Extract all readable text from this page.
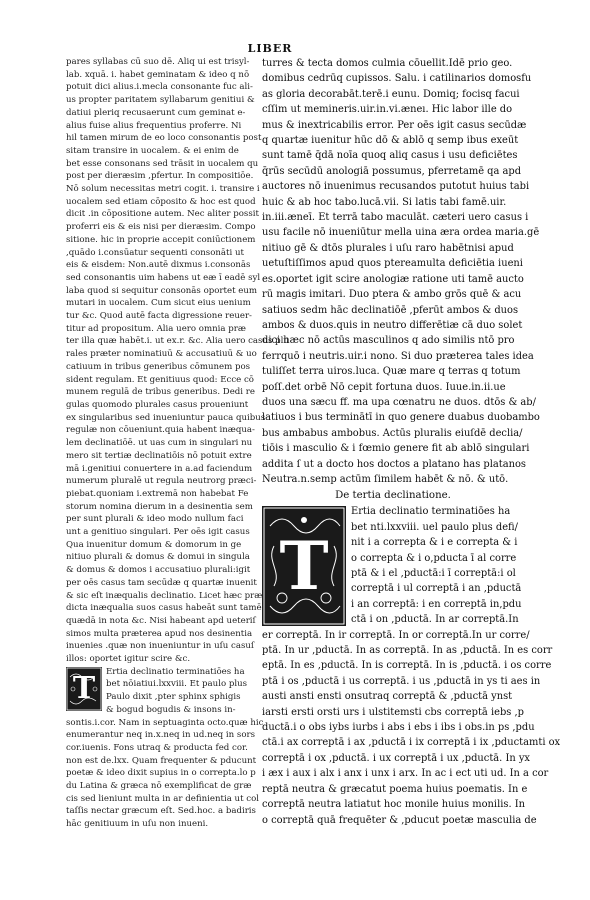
LIBER
pares syllabas cū suo dē. Aliq ui est trisyl-
lab. xquā. i. habet geminatam & ideo q nō
potuit dici alius.i.mecla consonante fuc ali-
us propter paritatem syllabarum genitiui &
datiui pleriq recusaerunt cum geminat e-
alius fuise alius frequentius proferre. Ni
hil tamen mirum de eo loco consonantis post
sitam transire in uocalem. & ei enim de
bet esse consonans sed trāsit in uocalem qu
post per dieræsim ,pfertur. In compositiōe.
Nō solum necessitas metri cogit. i. transire i
uocalem sed etiam cōposito & hoc est quod
dicit .in cōpositione autem. Nec aliter possit
proferri eis & eis nisi per dieræsim. Compo
sitione. hic in proprie accepit coniūctionem
,quādo i.consūatur sequenti consonāti ut
eis & eisdem: Non.autē dixmus i.consonās
sed consonantis uim habens ut eæ ī eadē syl
laba quod si sequitur consonās oportet eum
mutari in uocalem. Cum sicut eius uenium
tur &c. Quod autē facta digressione reuer-
titur ad propositum. Alia uero omnia præ
ter illa quæ habēt.i. ut ex.r. &c. Alia uero casus plu
rales præter nominatiuū & accusatiuū & uo
catiuum in tribus generibus cōmunem pos
sident regulam. Et genitiuus quod: Ecce cō
munem regulā de tribus generibus. Dedi re
gulas quomodo plurales casus proueniunt
ex singularibus sed inueniuntur pauca quibus
regulæ non cōueniunt.quia habent inæqua-
lem declinatiōē. ut uas cum in singulari nu
mero sit tertiæ declinatiōis nō potuit extre
mā i.genitiui conuertere in a.ad faciendum
numerum pluralē ut regula neutrorg præci-
piebat.quoniam i.extremā non habebat Fe
storum nomina dierum in a desinentia sem
per sunt plurali & ideo modo nullum faci
unt a genitiuo singulari. Per oēs igit casus
Qua inuenitur domum & domorum in ge
nitiuo plurali & domus & domui in singula
& domus & domos i accusatiuo plurali:igit
per oēs casus tam secūdæ q quartæ inuenit
& sic eſt inæqualis declinatio. Licet hæc præ
dicta inæqualia suos casus habeāt sunt tamē
quædā in nota &c. Nisi habeant apd ueteriſ
simos multa præterea apud nos desinentia
inuenies .quæ non inueniuntur in uſu casuſ
illos: oportet igitur scire &c.
T	Ertia declinatio terminatiōes ha
bet nōiatiui.lxxviii. Et paulo plus
Paulo dixit ,pter sphinx sphigis
& bogud bogudis & insons in-
sontis.i.cor. Nam in septuaginta octo.quæ hic
enumerantur neq in.x.neq in ud.neq in sors
cor.iuenis. Fons utraq & producta fed cor.
non est de.lxx. Quam frequenter & pducunt
poetæ & ideo dixit supius in o correpta.lo p
du Latina & græca nō exemplificat de græ
cis sed lieniunt multa in ar definientia ut col
taſſis nectar græcum eſt. Sed.hoc. a badiris
hāc genitiuum in uſu non inueni.
turres & tecta domos culmia cōuellit.Idē prio geo.
domibus cedrūq cupissos. Salu. i catilinarios domosfu
as gloria decorabāt.terē.i eunu. Domiq; focisq facui
cſſim ut memineris.uir.in.vi.æneı. Hic labor ille do
mus & inextricabilis error. Per oēs igit casus secūdæ
q quartæ iuenitur hūc dō & ablō q semp ibus exeūt
sunt tamē q̄dā noīa quoq aliq casus i usu deficiētes
q̄rūs secūdū anologiā possumus, pferretamē qa apd
auctores nō inuenimus recusandos putotut huius tabi
huic & ab hoc tabo.lucā.vii. Si latis tabi famē.uir.
in.iii.æneī. Et terrā tabo maculāt. cæteri uero casus i
usu facile nō inueniūtur mella uina æra ordea maria.gē
nitiuo gē & dtōs plurales i uſu raro habētnisi apud
uetuſtiſſimos apud quos ptereamulta deficiētia iueni
es.oportet igit scire anologiæ ratione uti tamē aucto
rū magis imitari. Duo ptera & ambo grōs quē & acu
satiuos sedm hāc declinatiōē ,pferūt ambos & duos
ambos & duos.quis in neutro differētiæ cā duo solet
dici hæc nō actūs masculinos q ado similis ntō pro
ferrquō i neutris.uir.i nono. Si duo præterea tales idea
tuliſſet terra uiros.luca. Quæ mare q terras q totum
poſſ.det orbē Nō cepit fortuna duos. Iuue.in.ii.ue
duos una sæcu ff. ma upa cœnatru ne duos. dtōs & ab/
latiuos i bus terminātī in quo genere duabus duobambo
bus ambabus ambobus. Actūs pluralis eiuſdē declia/
tiōis i masculio & i fœmio genere fit ab ablō singulari
addita ſ ut a docto hos doctos a platano has platanos
Neutra.n.semp actūm ſimilem habēt & nō. & utō.
De tertia declinatione.
T
Ertia declinatio terminatiōes ha
bet nti.lxxviii. uel paulo plus defi/
nit i a correpta & i e correpta & i
o correpta & i o,pducta ī al corre
ptā & i el ,pductā:i ī correptā:i ol
correptā i ul correptā i an ,pductā
i an correptā: i en correptā in,pdu
ctā i on ,pductā. In ar correptā.In
er correptā. In ir correptā. In or correptā.In ur corre/
ptā. In ur ,pductā. In as correptā. In as ,pductā. In es corr
eptā. In es ,pductā. In is correptā. In is ,pductā. i os corre
ptā i os ,pductā i us correptā. i us ,pductā in ys ti aes in
austi ansti ensti onsutraq correptā & ,pductā ynst
iarsti ersti orsti urs i ulstitemsti cbs correptā iebs ,p
ductā.i o obs iybs iurbs i abs i ebs i ibs i obs.in ps ,pdu
ctā.i ax correptā i ax ,pductā i ix correptā i ix ,pductamti ox
correptā i ox ,pductā. i ux correptā i ux ,pductā. In yx
i æx i aux i alx i anx i unx i arx. In ac i ect uti ud. In a cor
reptā neutra & græcatut poema huius poematis. In e
correptā neutra latiatut hoc monile huius monilis. In
o correptā quā frequēter & ,pducut poetæ masculia de
